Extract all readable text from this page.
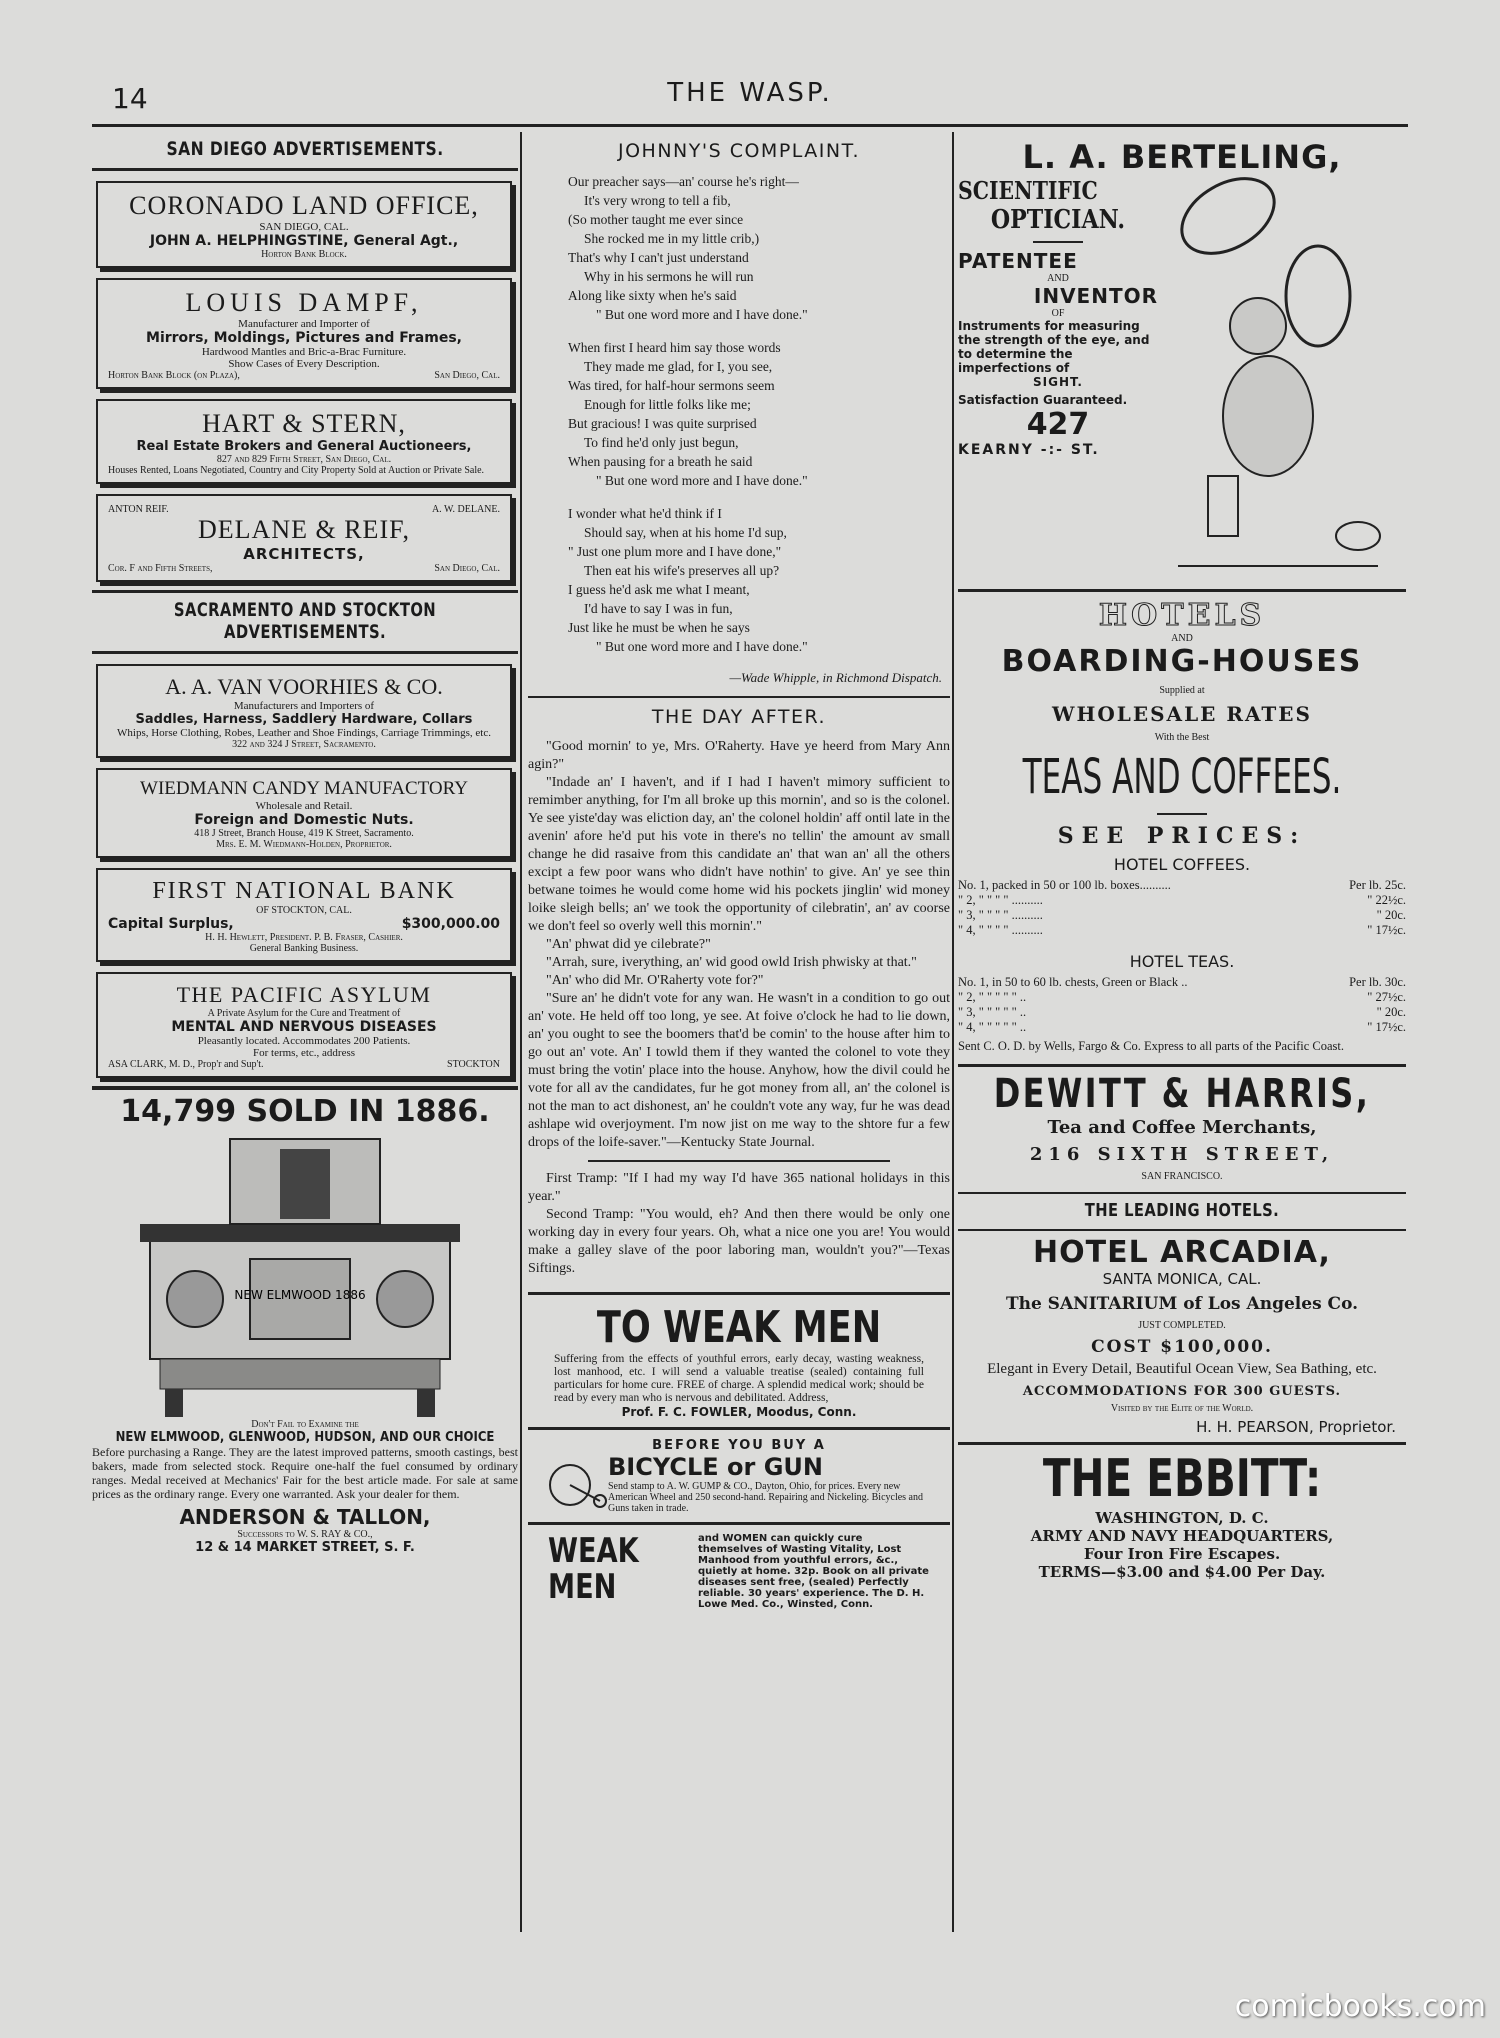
14	THE WASP.
SAN DIEGO ADVERTISEMENTS.
CORONADO LAND OFFICE,
SAN DIEGO, CAL.
JOHN A. HELPHINGSTINE, General Agt.,
Horton Bank Block.
LOUIS DAMPF,
Manufacturer and Importer of
Mirrors, Moldings, Pictures and Frames,
Hardwood Mantles and Bric-a-Brac Furniture.
Show Cases of Every Description.
Horton Bank Block (on Plaza),	San Diego, Cal.
HART & STERN,
Real Estate Brokers and General Auctioneers,
827 and 829 Fifth Street, San Diego, Cal.
Houses Rented, Loans Negotiated, Country and City Property Sold at Auction or Private Sale.
ANTON REIF.	A. W. DELANE.
DELANE & REIF,
ARCHITECTS,
Cor. F and Fifth Streets,	San Diego, Cal.
SACRAMENTO AND STOCKTON ADVERTISEMENTS.
A. A. VAN VOORHIES & CO.
Manufacturers and Importers of
Saddles, Harness, Saddlery Hardware, Collars
Whips, Horse Clothing, Robes, Leather and Shoe Findings, Carriage Trimmings, etc.
322 and 324 J Street, Sacramento.
WIEDMANN CANDY MANUFACTORY
Wholesale and Retail.
Foreign and Domestic Nuts.
418 J Street, Branch House, 419 K Street, Sacramento.
Mrs. E. M. Wiedmann-Holden, Proprietor.
FIRST NATIONAL BANK
OF STOCKTON, CAL.
Capital Surplus,	$300,000.00
H. H. Hewlett, President. P. B. Fraser, Cashier.
General Banking Business.
THE PACIFIC ASYLUM
A Private Asylum for the Cure and Treatment of
MENTAL AND NERVOUS DISEASES
Pleasantly located. Accommodates 200 Patients.
For terms, etc., address
ASA CLARK, M. D., Prop'r and Sup't.	STOCKTON
14,799 SOLD IN 1886.
NEW ELMWOOD 1886
Don't Fail to Examine the
NEW ELMWOOD, GLENWOOD, HUDSON, AND OUR CHOICE
Before purchasing a Range. They are the latest improved patterns, smooth castings, best bakers, made from selected stock. Require one-half the fuel consumed by ordinary ranges. Medal received at Mechanics' Fair for the best article made. For sale at same prices as the ordinary range. Every one warranted. Ask your dealer for them.
ANDERSON & TALLON,
Successors to W. S. RAY & CO.,
12 & 14 MARKET STREET, S. F.
JOHNNY'S COMPLAINT.

Our preacher says—an' course he's right—
It's very wrong to tell a fib,
(So mother taught me ever since
She rocked me in my little crib,)
That's why I can't just understand
Why in his sermons he will run
Along like sixty when he's said
" But one word more and I have done."

When first I heard him say those words
They made me glad, for I, you see,
Was tired, for half-hour sermons seem
Enough for little folks like me;
But gracious! I was quite surprised
To find he'd only just begun,
When pausing for a breath he said
" But one word more and I have done."

I wonder what he'd think if I
Should say, when at his home I'd sup,
" Just one plum more and I have done,"
Then eat his wife's preserves all up?
I guess he'd ask me what I meant,
I'd have to say I was in fun,
Just like he must be when he says
" But one word more and I have done."

—Wade Whipple, in Richmond Dispatch.
THE DAY AFTER.

"Good mornin' to ye, Mrs. O'Raherty. Have ye heerd from Mary Ann agin?"

"Indade an' I haven't, and if I had I haven't mimory sufficient to remimber anything, for I'm all broke up this mornin', and so is the colonel. Ye see yiste'day was eliction day, an' the colonel holdin' aff ontil late in the avenin' afore he'd put his vote in there's no tellin' the amount av small change he did rasaive from this candidate an' that wan an' all the others excipt a few poor wans who didn't have nothin' to give. An' ye see thin betwane toimes he would come home wid his pockets jinglin' wid money loike sleigh bells; an' we took the opportunity of cilebratin', an' av coorse we don't feel so overly well this mornin'."

"An' phwat did ye cilebrate?"

"Arrah, sure, iverything, an' wid good owld Irish phwisky at that."

"An' who did Mr. O'Raherty vote for?"

"Sure an' he didn't vote for any wan. He wasn't in a condition to go out an' vote. He held off too long, ye see. At foive o'clock he had to lie down, an' you ought to see the boomers that'd be comin' to the house after him to go out an' vote. An' I towld them if they wanted the colonel to vote they must bring the votin' place into the house. Anyhow, how the divil could he vote for all av the candidates, fur he got money from all, an' the colonel is not the man to act dishonest, an' he couldn't vote any way, fur he was dead ashlape wid overjoyment. I'm now jist on me way to the shtore fur a few drops of the loife-saver."—Kentucky State Journal.

First Tramp: "If I had my way I'd have 365 national holidays in this year."

Second Tramp: "You would, eh? And then there would be only one working day in every four years. Oh, what a nice one you are! You would make a galley slave of the poor laboring man, wouldn't you?"—Texas Siftings.

TO WEAK MEN
Suffering from the effects of youthful errors, early decay, wasting weakness, lost manhood, etc. I will send a valuable treatise (sealed) containing full particulars for home cure. FREE of charge. A splendid medical work; should be read by every man who is nervous and debilitated. Address,
Prof. F. C. FOWLER, Moodus, Conn.
BEFORE YOU BUY A
BICYCLE or GUN
Send stamp to A. W. GUMP & CO., Dayton, Ohio, for prices. Every new American Wheel and 250 second-hand. Repairing and Nickeling. Bicycles and Guns taken in trade.
WEAK MEN
and WOMEN can quickly cure themselves of Wasting Vitality, Lost Manhood from youthful errors, &c., quietly at home. 32p. Book on all private diseases sent free, (sealed) Perfectly reliable. 30 years' experience. The D. H. Lowe Med. Co., Winsted, Conn.
L. A. BERTELING,
SCIENTIFIC
OPTICIAN.
PATENTEE
AND
INVENTOR
OF
Instruments for measuring the strength of the eye, and to determine the imperfections of
SIGHT.
Satisfaction Guaranteed.
427
KEARNY -:- ST.
HOTELS
AND
BOARDING-HOUSES
Supplied at
WHOLESALE RATES
With the Best
TEAS AND COFFEES.
SEE PRICES:
HOTEL COFFEES.
No. 1, packed in 50 or 100 lb. boxes..........	Per lb. 25c.
" 2, " " " " ..........	" 22½c.
" 3, " " " " ..........	" 20c.
" 4, " " " " ..........	" 17½c.
HOTEL TEAS.
No. 1, in 50 to 60 lb. chests, Green or Black ..	Per lb. 30c.
" 2, " " " " " ..	" 27½c.
" 3, " " " " " ..	" 20c.
" 4, " " " " " ..	" 17½c.
Sent C. O. D. by Wells, Fargo & Co. Express to all parts of the Pacific Coast.
DEWITT & HARRIS,
Tea and Coffee Merchants,
216 SIXTH STREET,
SAN FRANCISCO.
THE LEADING HOTELS.
HOTEL ARCADIA,
SANTA MONICA, CAL.
The SANITARIUM of Los Angeles Co.
JUST COMPLETED.
COST $100,000.
Elegant in Every Detail, Beautiful Ocean View, Sea Bathing, etc.
ACCOMMODATIONS FOR 300 GUESTS.
Visited by the Elite of the World.
H. H. PEARSON, Proprietor.
THE EBBITT:
WASHINGTON, D. C.
ARMY AND NAVY HEADQUARTERS,
Four Iron Fire Escapes.
TERMS—$3.00 and $4.00 Per Day.
comicbooks.com
